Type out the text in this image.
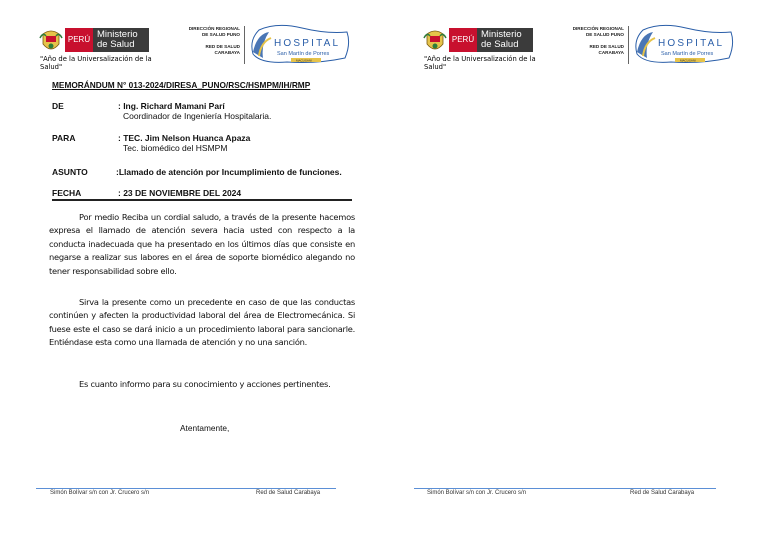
PERÚ Ministerio
de Salud
"Año de la Universalización de la Salud"
DIRECCIÓN REGIONAL
DE SALUD PUNO
RED DE SALUD
CARABAYA
HOSPITAL
San Martín de Porres
MACUSANI
MEMORÁNDUM N° 013-2024/DIRESA_PUNO/RSC/HSMPM/IH/RMP
DE	: Ing. Richard Mamani Parí
Coordinador de Ingeniería Hospitalaria.
PARA	: TEC. Jim Nelson Huanca Apaza
Tec. biomédico del HSMPM
ASUNTO	:Llamado de atención por Incumplimiento de funciones.
FECHA	: 23 DE NOVIEMBRE DEL 2024
Por medio Reciba un cordial saludo, a través de la presente hacemos expresa el llamado de atención severa hacia usted con respecto a la conducta inadecuada que ha presentado en los últimos días que consiste en negarse a realizar sus labores en el área de soporte biomédico alegando no tener responsabilidad sobre ello.
Sirva la presente como un precedente en caso de que las conductas continúen y afecten la productividad laboral del área de Electromecánica. Si fuese este el caso se dará inicio a un procedimiento laboral para sancionarle. Entiéndase esta como una llamada de atención y no una sanción.
Es cuanto informo para su conocimiento y acciones pertinentes.
Atentamente,
Simón Bolívar s/n con Jr. Crucero s/n	Red de Salud Carabaya
PERÚ Ministerio
de Salud
"Año de la Universalización de la Salud"
DIRECCIÓN REGIONAL
DE SALUD PUNO
RED DE SALUD
CARABAYA
HOSPITAL
San Martín de Porres
MACUSANI
Simón Bolívar s/n con Jr. Crucero s/n	Red de Salud Carabaya
